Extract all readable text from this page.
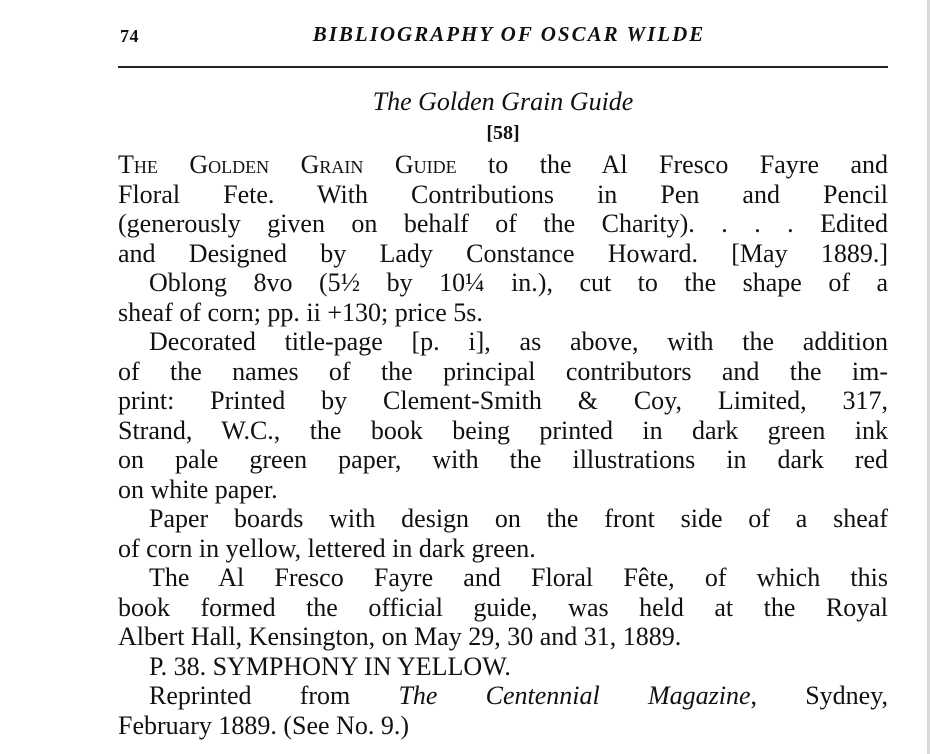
74	BIBLIOGRAPHY OF OSCAR WILDE
The Golden Grain Guide
[58]
The Golden Grain Guide to the Al Fresco Fayre and
Floral Fete. With Contributions in Pen and Pencil
(generously given on behalf of the Charity). . . . Edited
and Designed by Lady Constance Howard. [May 1889.]
Oblong 8vo (5½ by 10¼ in.), cut to the shape of a
sheaf of corn; pp. ii +130; price 5s.
Decorated title-page [p. i], as above, with the addition
of the names of the principal contributors and the im-
print: Printed by Clement-Smith & Coy, Limited, 317,
Strand, W.C., the book being printed in dark green ink
on pale green paper, with the illustrations in dark red
on white paper.
Paper boards with design on the front side of a sheaf
of corn in yellow, lettered in dark green.
The Al Fresco Fayre and Floral Fête, of which this
book formed the official guide, was held at the Royal
Albert Hall, Kensington, on May 29, 30 and 31, 1889.
P. 38. SYMPHONY IN YELLOW.
Reprinted from The Centennial Magazine, Sydney,
February 1889. (See No. 9.)
